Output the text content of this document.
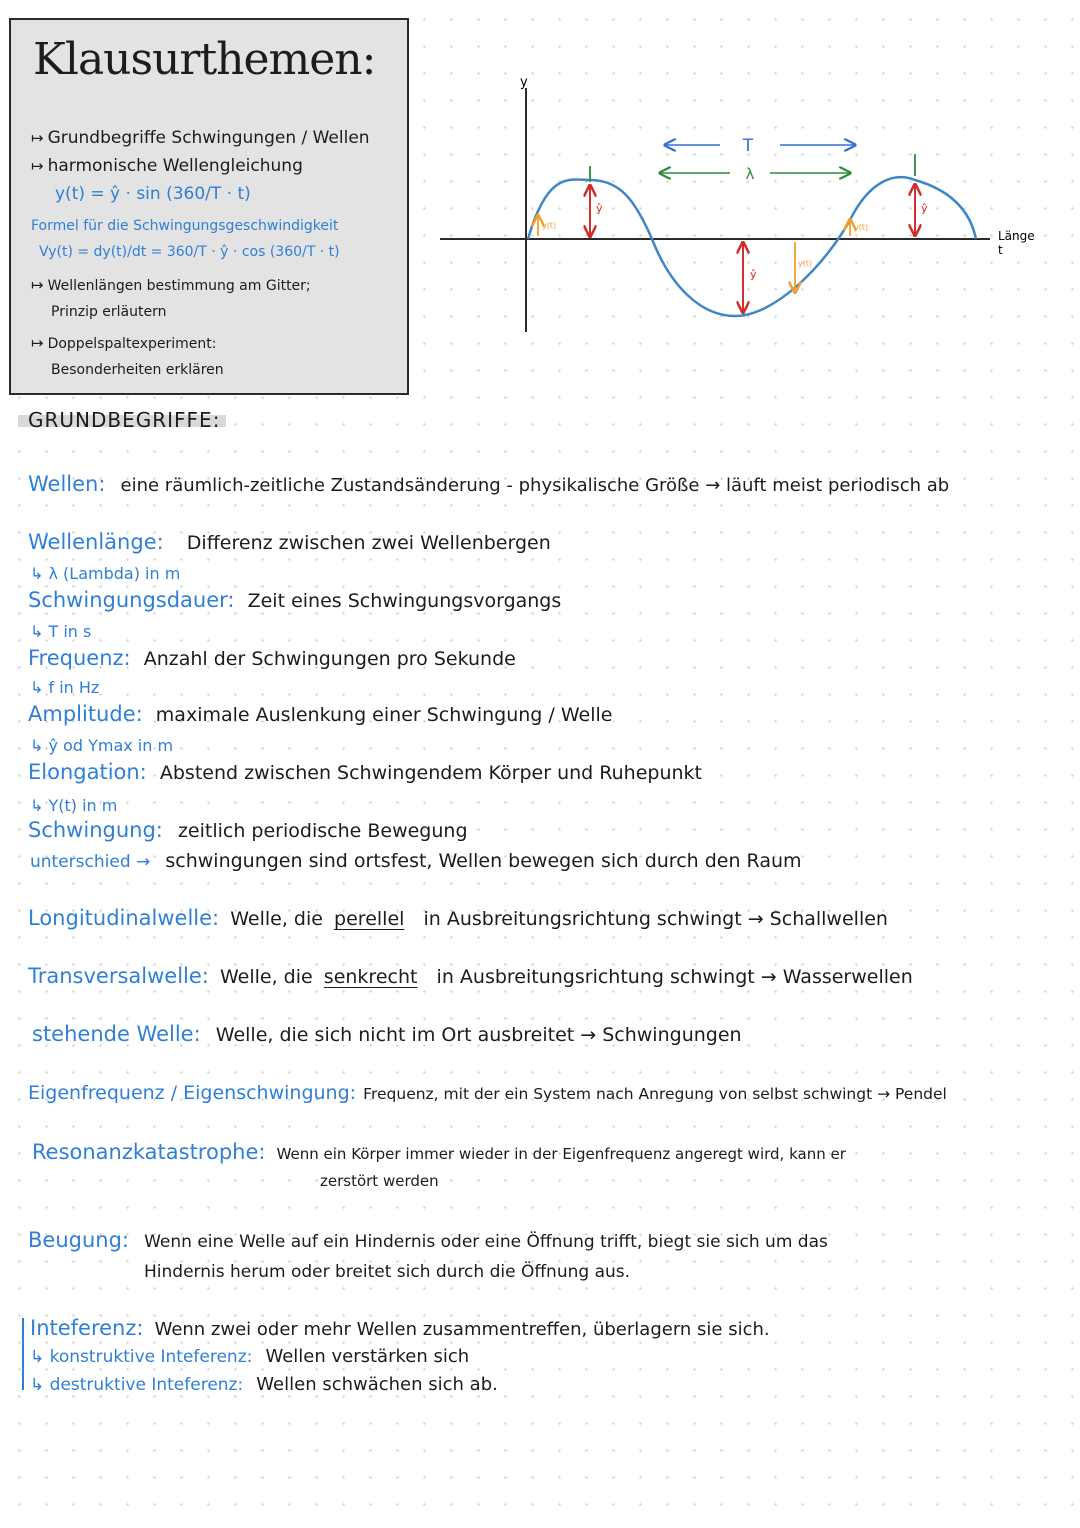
Klausurthemen:
↦ Grundbegriffe Schwingungen / Wellen
↦ harmonische Wellengleichung
y(t) = ŷ · sin (360/T · t)
Formel für die Schwingungsgeschwindigkeit
Vy(t) = dy(t)/dt = 360/T · ŷ · cos (360/T · t)
↦ Wellenlängen bestimmung am Gitter;
Prinzip erläutern
↦ Doppelspaltexperiment:
Besonderheiten erklären
y
Länge
t
T
λ
ŷ
ŷ
ŷ
y(t)
y(t)
y(t)
GRUNDBEGRIFFE:
Wellen: eine räumlich-zeitliche Zustandsänderung - physikalische Größe → läuft meist periodisch ab
Wellenlänge: Differenz zwischen zwei Wellenbergen
↳ λ (Lambda) in m
Schwingungsdauer: Zeit eines Schwingungsvorgangs
↳ T in s
Frequenz: Anzahl der Schwingungen pro Sekunde
↳ f in Hz
Amplitude: maximale Auslenkung einer Schwingung / Welle
↳ ŷ od Ymax in m
Elongation: Abstend zwischen Schwingendem Körper und Ruhepunkt
↳ Y(t) in m
Schwingung: zeitlich periodische Bewegung
unterschied → schwingungen sind ortsfest, Wellen bewegen sich durch den Raum
Longitudinalwelle: Welle, die perellel in Ausbreitungsrichtung schwingt → Schallwellen
Transversalwelle: Welle, die senkrecht in Ausbreitungsrichtung schwingt → Wasserwellen
stehende Welle: Welle, die sich nicht im Ort ausbreitet → Schwingungen
Eigenfrequenz / Eigenschwingung: Frequenz, mit der ein System nach Anregung von selbst schwingt → Pendel
Resonanzkatastrophe: Wenn ein Körper immer wieder in der Eigenfrequenz angeregt wird, kann er
zerstört werden
Beugung: Wenn eine Welle auf ein Hindernis oder eine Öffnung trifft, biegt sie sich um das
Hindernis herum oder breitet sich durch die Öffnung aus.
Inteferenz: Wenn zwei oder mehr Wellen zusammentreffen, überlagern sie sich.
↳ konstruktive Inteferenz: Wellen verstärken sich
↳ destruktive Inteferenz: Wellen schwächen sich ab.
